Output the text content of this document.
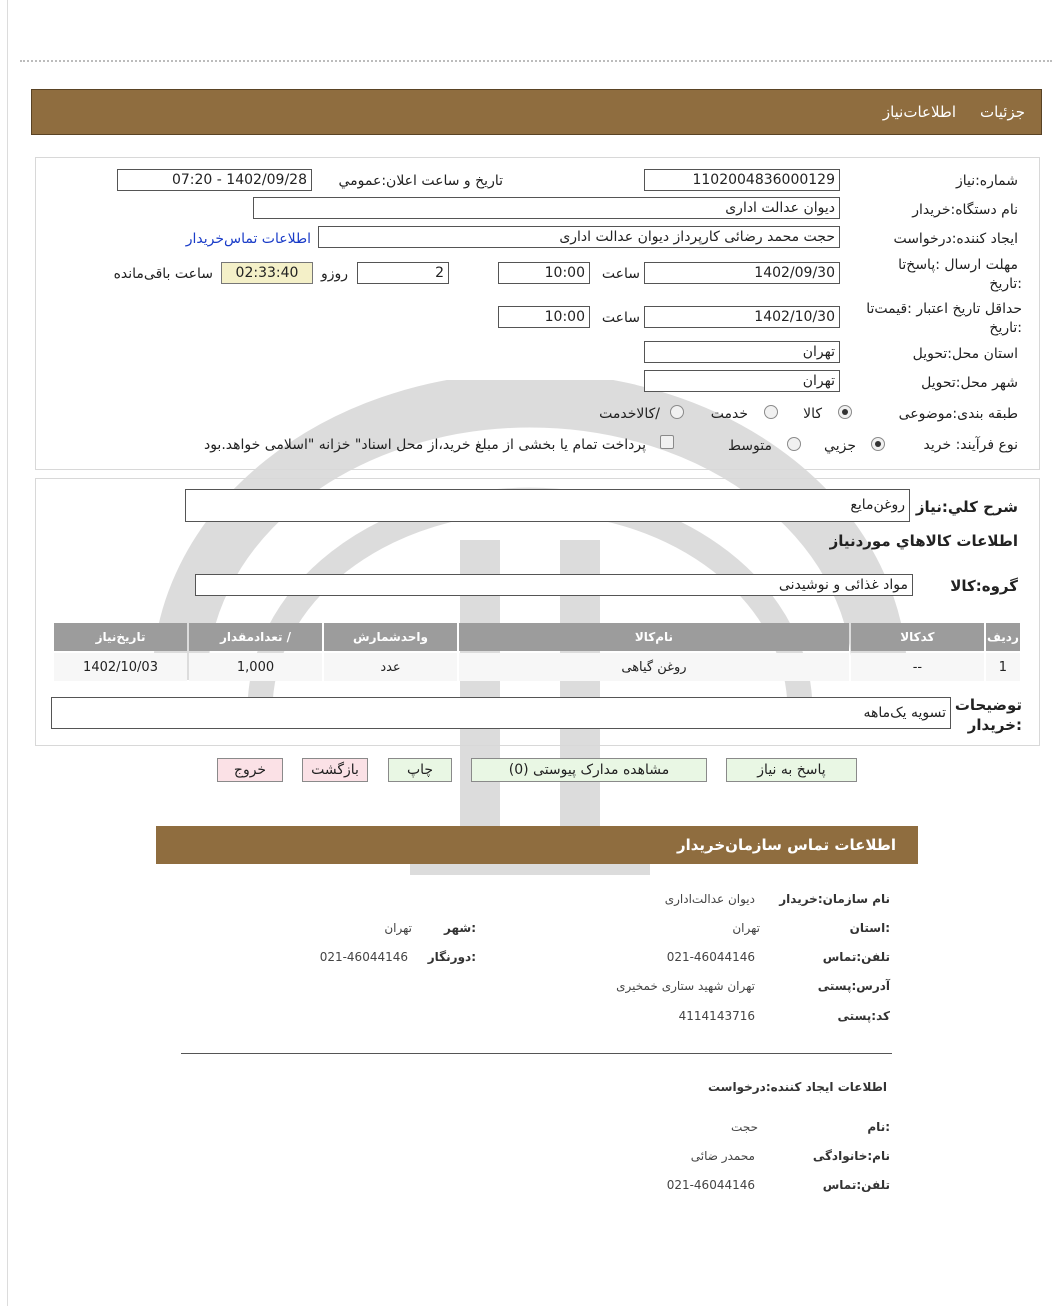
جزئیات
اطلاعات‌نیاز
شماره:نیاز
1102004836000129
تاریخ و ساعت اعلان:عمومي
1402/09/28 - 07:20
نام دستگاه:خریدار
دیوان عدالت اداری
ایجاد کننده:درخواست
حجت محمد رضائی کارپرداز دیوان عدالت اداری
اطلاعات تماس‌خریدار
مهلت ارسال :پاسخ‌تا
:تاریخ
1402/09/30
ساعت
10:00
2
روزو
02:33:40
ساعت باقی‌مانده
حداقل تاریخ اعتبار :قیمت‌تا
:تاریخ
1402/10/30
ساعت
10:00
استان محل:تحویل
تهران
شهر محل:تحویل
تهران
طبقه بندی:موضوعی
کالا
خدمت
/کالاخدمت
نوع فرآیند: خرید
جزیي
متوسط
پرداخت تمام یا بخشی از مبلغ خرید،از محل اسناد" خزانه "اسلامی خواهد.بود
شرح کلي:نیاز
روغن‌مایع
اطلاعات کالاهاي موردنیاز
گروه:کالا
مواد غذائی و نوشیدنی
ردیف	کدکالا	نام‌کالا	واحدشمارش	/ تعدادمقدار	تاریخ‌نیاز
1	--	روغن گیاهی	عدد	1,000	1402/10/03
توضیحات
:خریدار
تسویه یک‌ماهه
پاسخ به نیاز
مشاهده مدارک پیوستی (0)
چاپ
بازگشت
خروج
اطلاعات تماس سازمان‌خریدار
نام سازمان:خریدار
دیوان عدالت‌اداری
:استان
تهران
:شهر
تهران
تلفن:تماس
021-46044146
:دورنگار
021-46044146
آدرس:پستی
تهران شهید ستاری خمخیری
کد:پستی
4114143716
اطلاعات ایجاد کننده:درخواست
:نام
حجت
نام:خانوادگی
محمدر ضائی
تلفن:تماس
021-46044146
